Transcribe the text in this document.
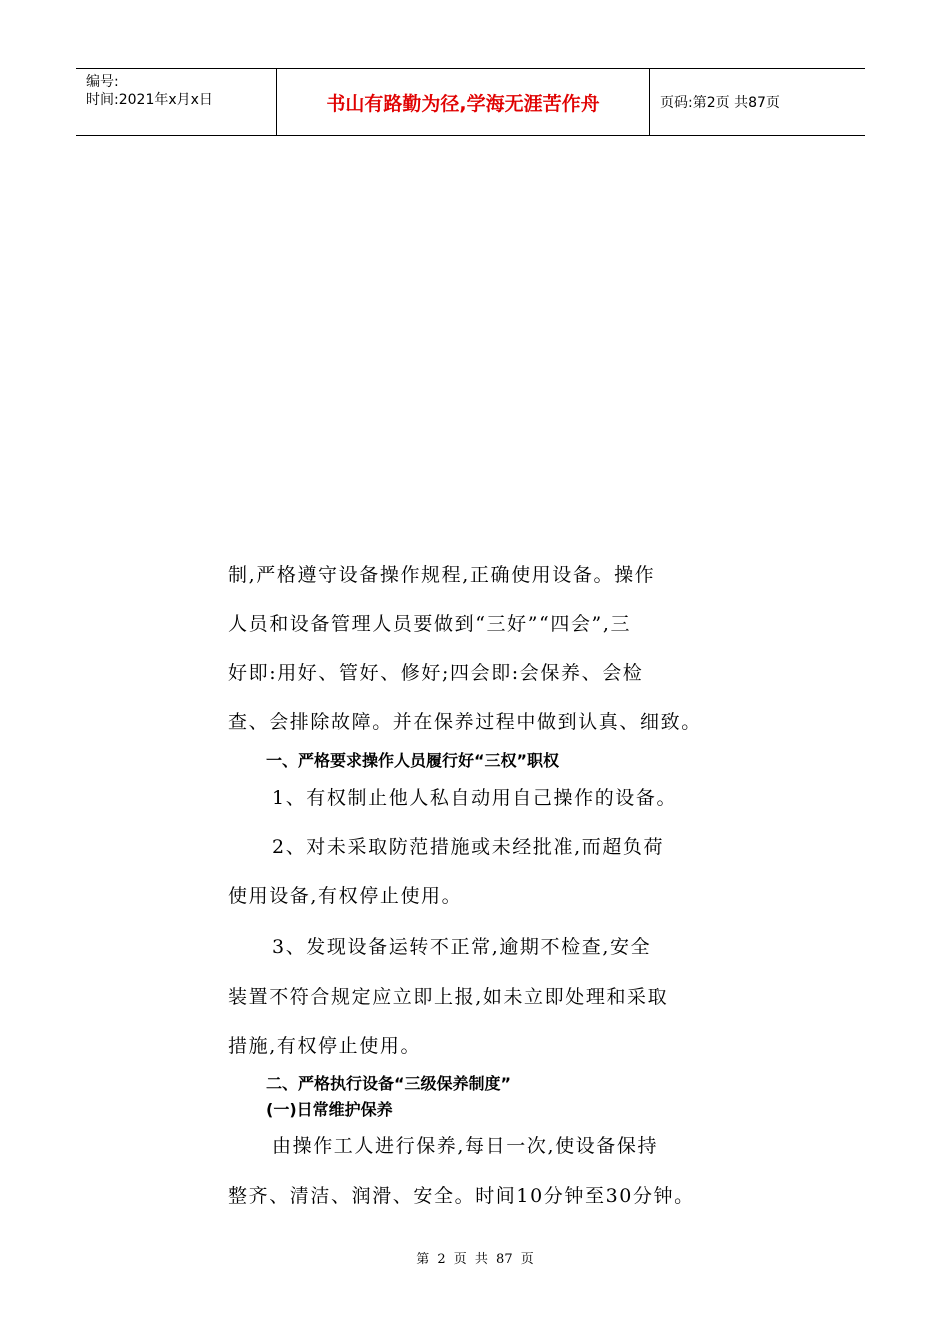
编号:
时间:2021年x月x日	书山有路勤为径,学海无涯苦作舟	页码:第2页 共87页
制,严格遵守设备操作规程,正确使用设备。操作
人员和设备管理人员要做到“三好”“四会”,三
好即:用好、管好、修好;四会即:会保养、会检
查、会排除故障。并在保养过程中做到认真、细致。
一、严格要求操作人员履行好“三权”职权
1、有权制止他人私自动用自己操作的设备。
2、对未采取防范措施或未经批准,而超负荷
使用设备,有权停止使用。
3、发现设备运转不正常,逾期不检查,安全
装置不符合规定应立即上报,如未立即处理和采取
措施,有权停止使用。
二、严格执行设备“三级保养制度”
(一)日常维护保养
由操作工人进行保养,每日一次,使设备保持
整齐、清洁、润滑、安全。时间10分钟至30分钟。
第 2 页 共 87 页
